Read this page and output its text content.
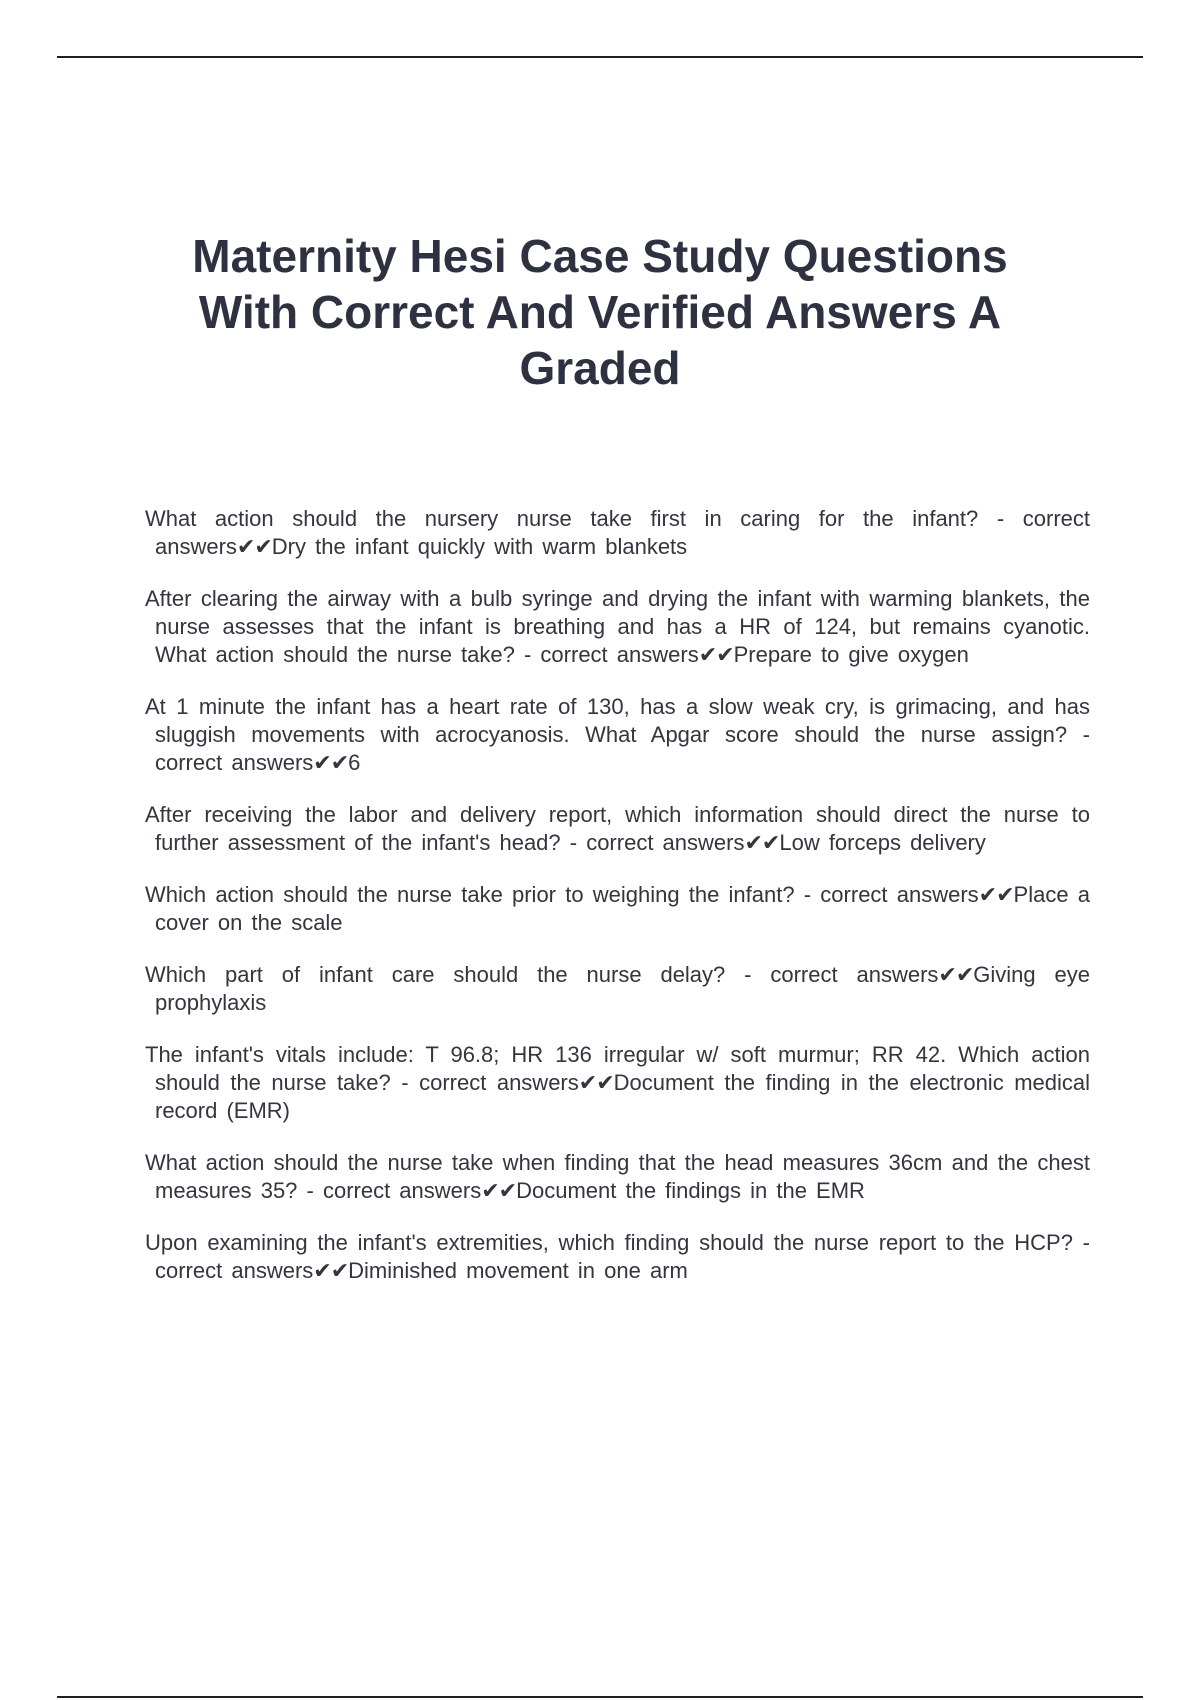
Maternity Hesi Case Study Questions With Correct And Verified Answers A Graded

What action should the nursery nurse take first in caring for the infant? - correct answers✔✔Dry the infant quickly with warm blankets

After clearing the airway with a bulb syringe and drying the infant with warming blankets, the nurse assesses that the infant is breathing and has a HR of 124, but remains cyanotic. What action should the nurse take? - correct answers✔✔Prepare to give oxygen

At 1 minute the infant has a heart rate of 130, has a slow weak cry, is grimacing, and has sluggish movements with acrocyanosis. What Apgar score should the nurse assign? - correct answers✔✔6

After receiving the labor and delivery report, which information should direct the nurse to further assessment of the infant's head? - correct answers✔✔Low forceps delivery

Which action should the nurse take prior to weighing the infant? - correct answers✔✔Place a cover on the scale

Which part of infant care should the nurse delay? - correct answers✔✔Giving eye prophylaxis

The infant's vitals include: T 96.8; HR 136 irregular w/ soft murmur; RR 42. Which action should the nurse take? - correct answers✔✔Document the finding in the electronic medical record (EMR)

What action should the nurse take when finding that the head measures 36cm and the chest measures 35? - correct answers✔✔Document the findings in the EMR

Upon examining the infant's extremities, which finding should the nurse report to the HCP? - correct answers✔✔Diminished movement in one arm
